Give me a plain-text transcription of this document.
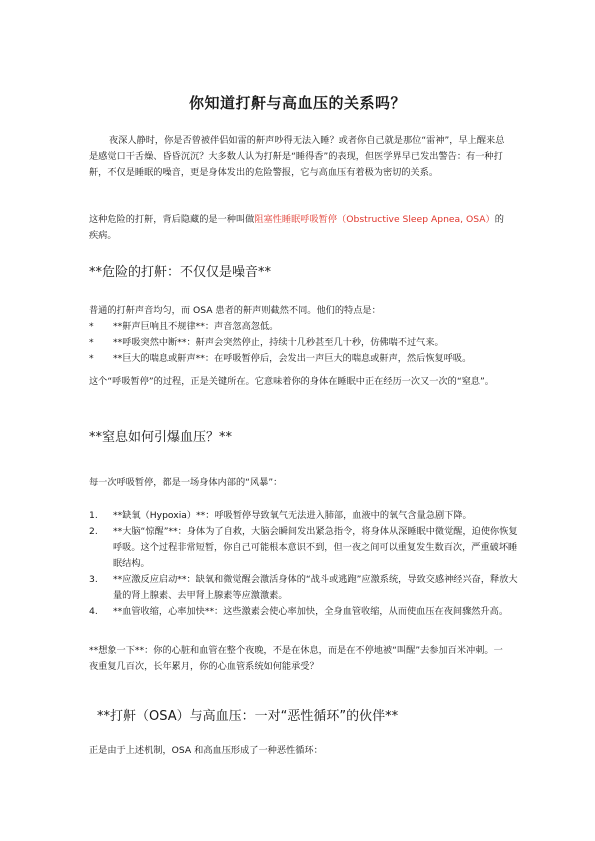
你知道打鼾与高血压的关系吗？

夜深人静时，你是否曾被伴侣如雷的鼾声吵得无法入睡？或者你自己就是那位“雷神”，早上醒来总是感觉口干舌燥、昏昏沉沉？大多数人认为打鼾是“睡得香”的表现，但医学界早已发出警告：有一种打鼾，不仅是睡眠的噪音，更是身体发出的危险警报，它与高血压有着极为密切的关系。

这种危险的打鼾，背后隐藏的是一种叫做阻塞性睡眠呼吸暂停（Obstructive Sleep Apnea, OSA）的疾病。

**危险的打鼾：不仅仅是噪音**

普通的打鼾声音均匀，而 OSA 患者的鼾声则截然不同。他们的特点是：

* **鼾声巨响且不规律**：声音忽高忽低。
* **呼吸突然中断**：鼾声会突然停止，持续十几秒甚至几十秒，仿佛喘不过气来。
* **巨大的喘息或鼾声**：在呼吸暂停后，会发出一声巨大的喘息或鼾声，然后恢复呼吸。

这个“呼吸暂停”的过程，正是关键所在。它意味着你的身体在睡眠中正在经历一次又一次的“窒息”。

**窒息如何引爆血压？**

每一次呼吸暂停，都是一场身体内部的“风暴”：

1. **缺氧（Hypoxia）**：呼吸暂停导致氧气无法进入肺部，血液中的氧气含量急剧下降。
2. **大脑“惊醒”**：身体为了自救，大脑会瞬间发出紧急指令，将身体从深睡眠中微觉醒，迫使你恢复呼吸。这个过程非常短暂，你自己可能根本意识不到，但一夜之间可以重复发生数百次，严重破坏睡眠结构。
3. **应激反应启动**：缺氧和微觉醒会激活身体的“战斗或逃跑”应激系统，导致交感神经兴奋，释放大量的肾上腺素、去甲肾上腺素等应激激素。
4. **血管收缩，心率加快**：这些激素会使心率加快，全身血管收缩，从而使血压在夜间骤然升高。

**想象一下**：你的心脏和血管在整个夜晚，不是在休息，而是在不停地被“叫醒”去参加百米冲刺。一夜重复几百次，长年累月，你的心血管系统如何能承受？

**打鼾（OSA）与高血压：一对“恶性循环”的伙伴**

正是由于上述机制，OSA 和高血压形成了一种恶性循环：
